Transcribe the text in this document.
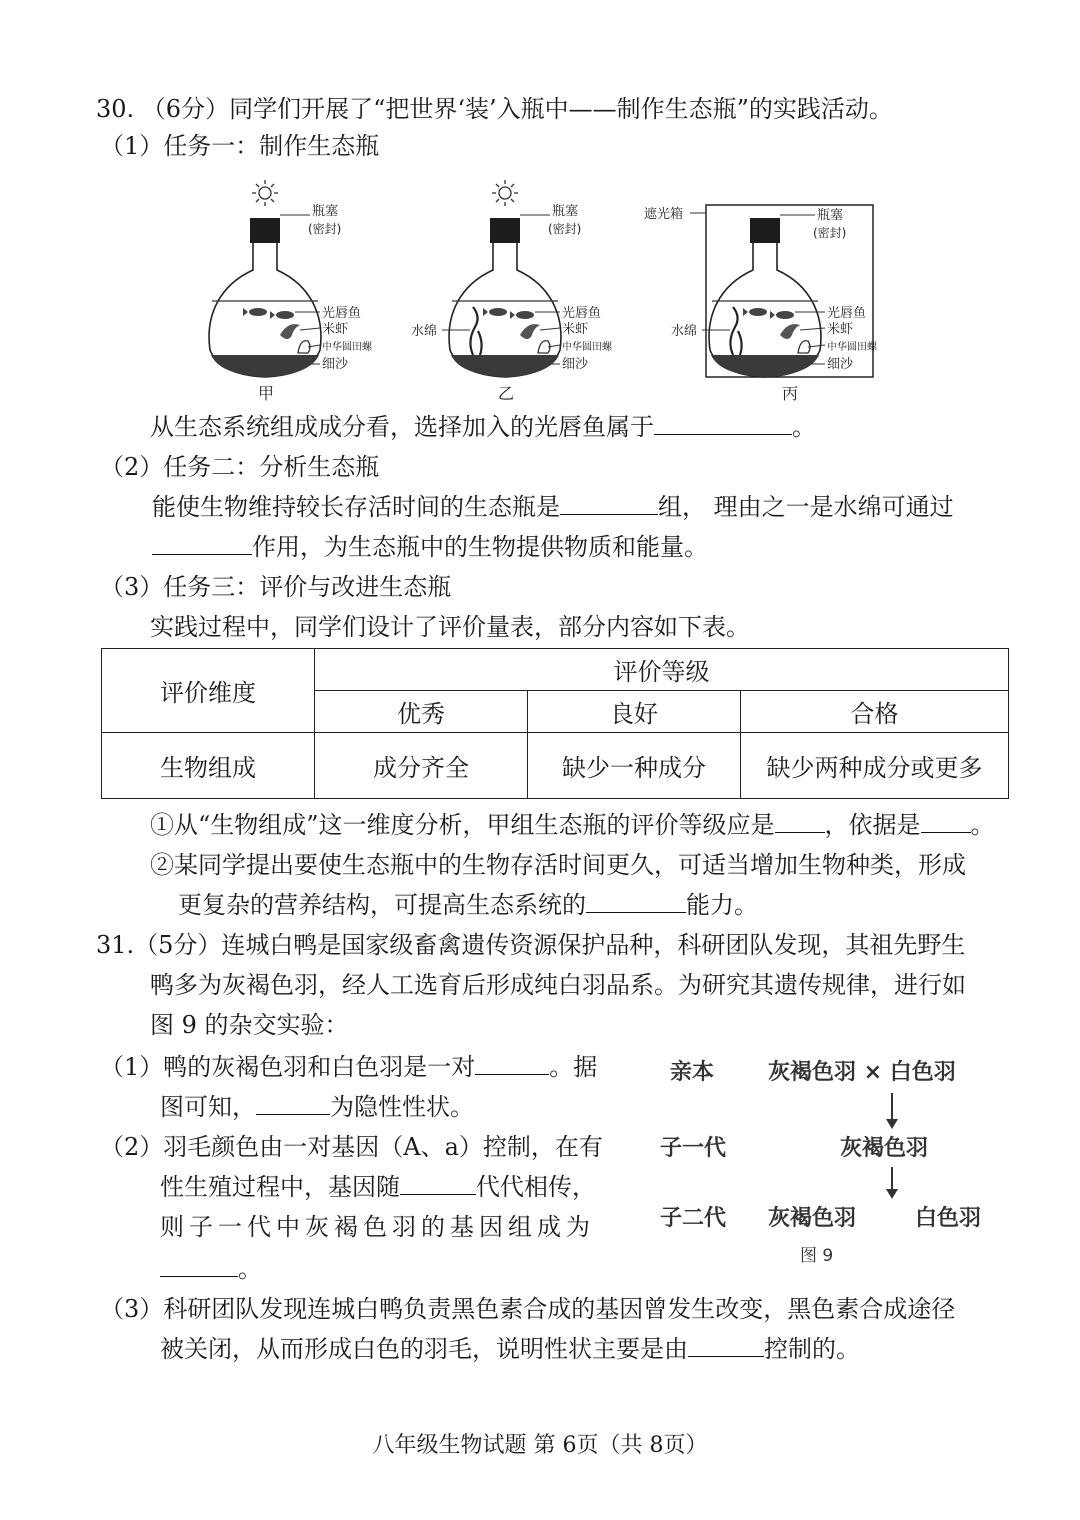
30. （6分）同学们开展了“把世界‘装’入瓶中——制作生态瓶”的实践活动。
（1）任务一：制作生态瓶
瓶塞
(密封)
光唇鱼
米虾
中华圆田螺
细沙
甲
瓶塞
(密封)
水绵
光唇鱼
米虾
中华圆田螺
细沙
乙
遮光箱	瓶塞
(密封)
水绵
光唇鱼
米虾
中华圆田螺
细沙
丙
从生态系统组成成分看，选择加入的光唇鱼属于	。
（2）任务二：分析生态瓶
能使生物维持较长存活时间的生态瓶是	组， 理由之一是水绵可通过
作用，为生态瓶中的生物提供物质和能量。
（3）任务三：评价与改进生态瓶
实践过程中，同学们设计了评价量表，部分内容如下表。
评价维度	评价等级		
	优秀	良好	合格
生物组成	成分齐全	缺少一种成分	缺少两种成分或更多
①从“生物组成”这一维度分析，甲组生态瓶的评价等级应是 ，依据是 。
②某同学提出要使生态瓶中的生物存活时间更久，可适当增加生物种类，形成
更复杂的营养结构，可提高生态系统的	能力。
31.（5分）连城白鸭是国家级畜禽遗传资源保护品种，科研团队发现，其祖先野生
鸭多为灰褐色羽，经人工选育后形成纯白羽品系。为研究其遗传规律，进行如
图 9 的杂交实验：
（1）鸭的灰褐色羽和白色羽是一对	。据
图可知，	为隐性性状。
（2）羽毛颜色由一对基因（A、a）控制，在有
性生殖过程中，基因随	代代相传，
则子一代中灰褐色羽的基因组成为
。
亲本 灰褐色羽 × 白色羽
子一代	灰褐色羽
子二代 灰褐色羽	白色羽
图 9
（3）科研团队发现连城白鸭负责黑色素合成的基因曾发生改变，黑色素合成途径
被关闭，从而形成白色的羽毛，说明性状主要是由	控制的。
八年级生物试题 第 6页（共 8页）
